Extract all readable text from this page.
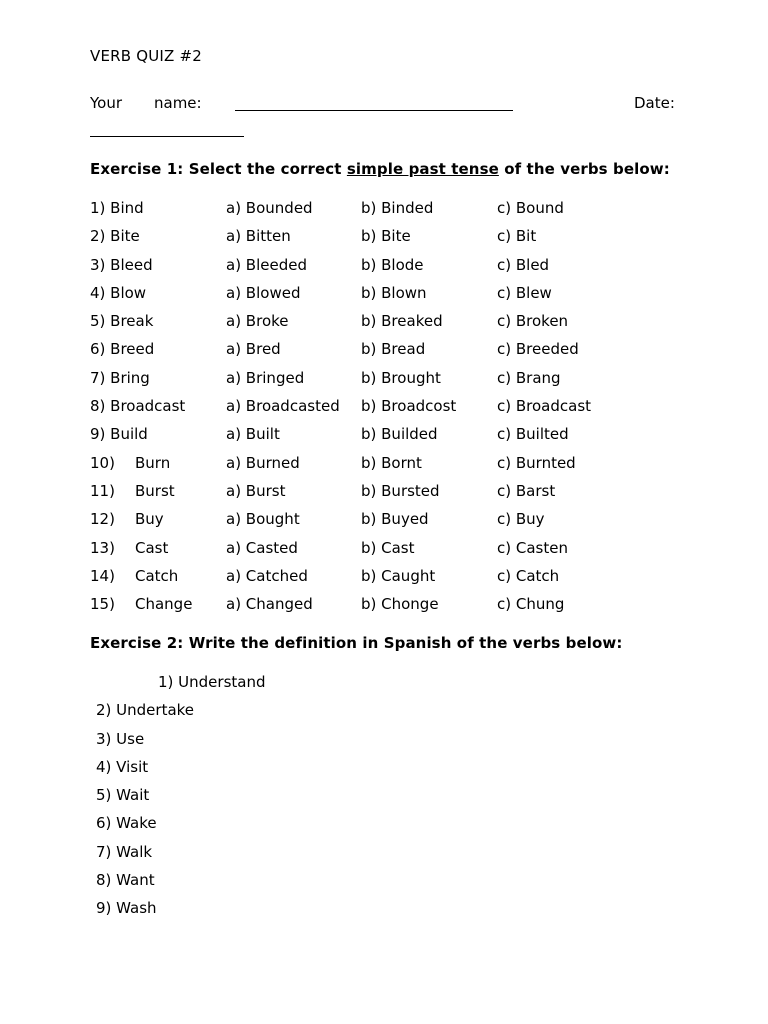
VERB QUIZ #2
Your name:	Date:
Exercise 1: Select the correct simple past tense of the verbs below:
1) Bind	a) Bounded	b) Binded	c) Bound
2) Bite	a) Bitten	b) Bite	c) Bit
3) Bleed	a) Bleeded	b) Blode	c) Bled
4) Blow	a) Blowed	b) Blown	c) Blew
5) Break	a) Broke	b) Breaked	c) Broken
6) Breed	a) Bred	b) Bread	c) Breeded
7) Bring	a) Bringed	b) Brought	c) Brang
8) Broadcast	a) Broadcasted b) Broadcost	c) Broadcast
9) Build	a) Built	b) Builded	c) Builted
10) Burn	a) Burned	b) Bornt	c) Burnted
11) Burst	a) Burst	b) Bursted	c) Barst
12) Buy	a) Bought	b) Buyed	c) Buy
13) Cast	a) Casted	b) Cast	c) Casten
14) Catch	a) Catched	b) Caught	c) Catch
15) Change a) Changed	b) Chonge	c) Chung
Exercise 2: Write the definition in Spanish of the verbs below:
1) Understand
2) Undertake
3) Use
4) Visit
5) Wait
6) Wake
7) Walk
8) Want
9) Wash
